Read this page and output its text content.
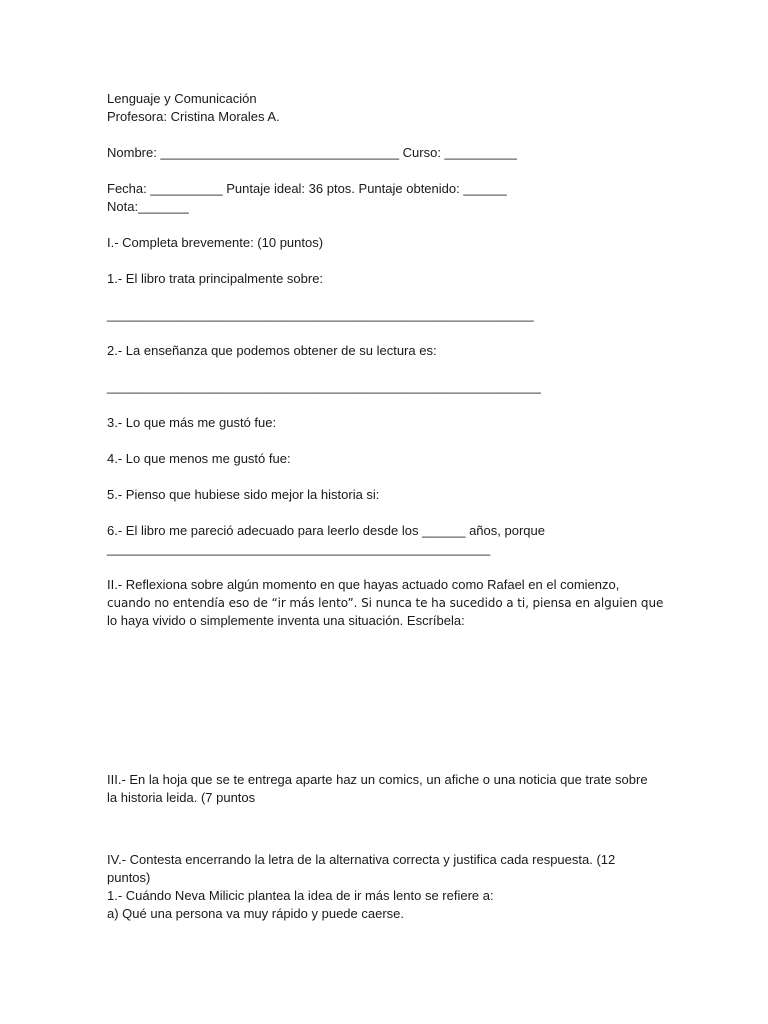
Lenguaje y Comunicación
Profesora: Cristina Morales A.
Nombre: _________________________________ Curso: __________
Fecha: __________ Puntaje ideal: 36 ptos. Puntaje obtenido: ______
Nota:_______
I.- Completa brevemente: (10 puntos)
1.- El libro trata principalmente sobre:
___________________________________________________________
2.- La enseñanza que podemos obtener de su lectura es:
____________________________________________________________
3.- Lo que más me gustó fue:
4.- Lo que menos me gustó fue:
5.- Pienso que hubiese sido mejor la historia si:
6.- El libro me pareció adecuado para leerlo desde los ______ años, porque
_____________________________________________________
II.- Reflexiona sobre algún momento en que hayas actuado como Rafael en el comienzo,
cuando no entendía eso de “ir más lento”. Si nunca te ha sucedido a ti, piensa en alguien que
lo haya vivido o simplemente inventa una situación. Escríbela:
III.- En la hoja que se te entrega aparte haz un comics, un afiche o una noticia que trate sobre
la historia leida. (7 puntos
IV.- Contesta encerrando la letra de la alternativa correcta y justifica cada respuesta. (12
puntos)
1.- Cuándo Neva Milicic plantea la idea de ir más lento se refiere a:
a) Qué una persona va muy rápido y puede caerse.
